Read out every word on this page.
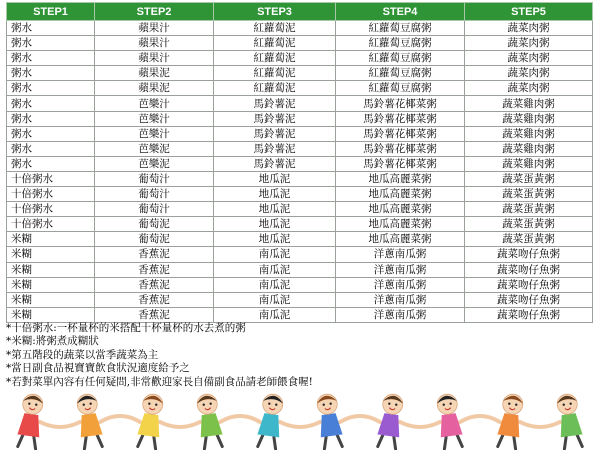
STEP1	STEP2	STEP3	STEP4	STEP5
粥水	蘋果汁	紅蘿蔔泥	紅蘿蔔豆腐粥	蔬菜肉粥
粥水	蘋果汁	紅蘿蔔泥	紅蘿蔔豆腐粥	蔬菜肉粥
粥水	蘋果汁	紅蘿蔔泥	紅蘿蔔豆腐粥	蔬菜肉粥
粥水	蘋果泥	紅蘿蔔泥	紅蘿蔔豆腐粥	蔬菜肉粥
粥水	蘋果泥	紅蘿蔔泥	紅蘿蔔豆腐粥	蔬菜肉粥
粥水	芭樂汁	馬鈴薯泥	馬鈴薯花椰菜粥	蔬菜雞肉粥
粥水	芭樂汁	馬鈴薯泥	馬鈴薯花椰菜粥	蔬菜雞肉粥
粥水	芭樂汁	馬鈴薯泥	馬鈴薯花椰菜粥	蔬菜雞肉粥
粥水	芭樂泥	馬鈴薯泥	馬鈴薯花椰菜粥	蔬菜雞肉粥
粥水	芭樂泥	馬鈴薯泥	馬鈴薯花椰菜粥	蔬菜雞肉粥
十倍粥水	葡萄汁	地瓜泥	地瓜高麗菜粥	蔬菜蛋黃粥
十倍粥水	葡萄汁	地瓜泥	地瓜高麗菜粥	蔬菜蛋黃粥
十倍粥水	葡萄汁	地瓜泥	地瓜高麗菜粥	蔬菜蛋黃粥
十倍粥水	葡萄泥	地瓜泥	地瓜高麗菜粥	蔬菜蛋黃粥
米糊	葡萄泥	地瓜泥	地瓜高麗菜粥	蔬菜蛋黃粥
米糊	香蕉泥	南瓜泥	洋蔥南瓜粥	蔬菜吻仔魚粥
米糊	香蕉泥	南瓜泥	洋蔥南瓜粥	蔬菜吻仔魚粥
米糊	香蕉泥	南瓜泥	洋蔥南瓜粥	蔬菜吻仔魚粥
米糊	香蕉泥	南瓜泥	洋蔥南瓜粥	蔬菜吻仔魚粥
米糊	香蕉泥	南瓜泥	洋蔥南瓜粥	蔬菜吻仔魚粥
*十倍粥水:一杯量杯的米搭配十杯量杯的水去煮的粥
*米糊:將粥煮成糊狀
*第五階段的蔬菜以當季蔬菜為主
*當日副食品視寶寶飲食狀況適度給予之
*若對菜單內容有任何疑問,非常歡迎家長自備副食品請老師餵食喔!
